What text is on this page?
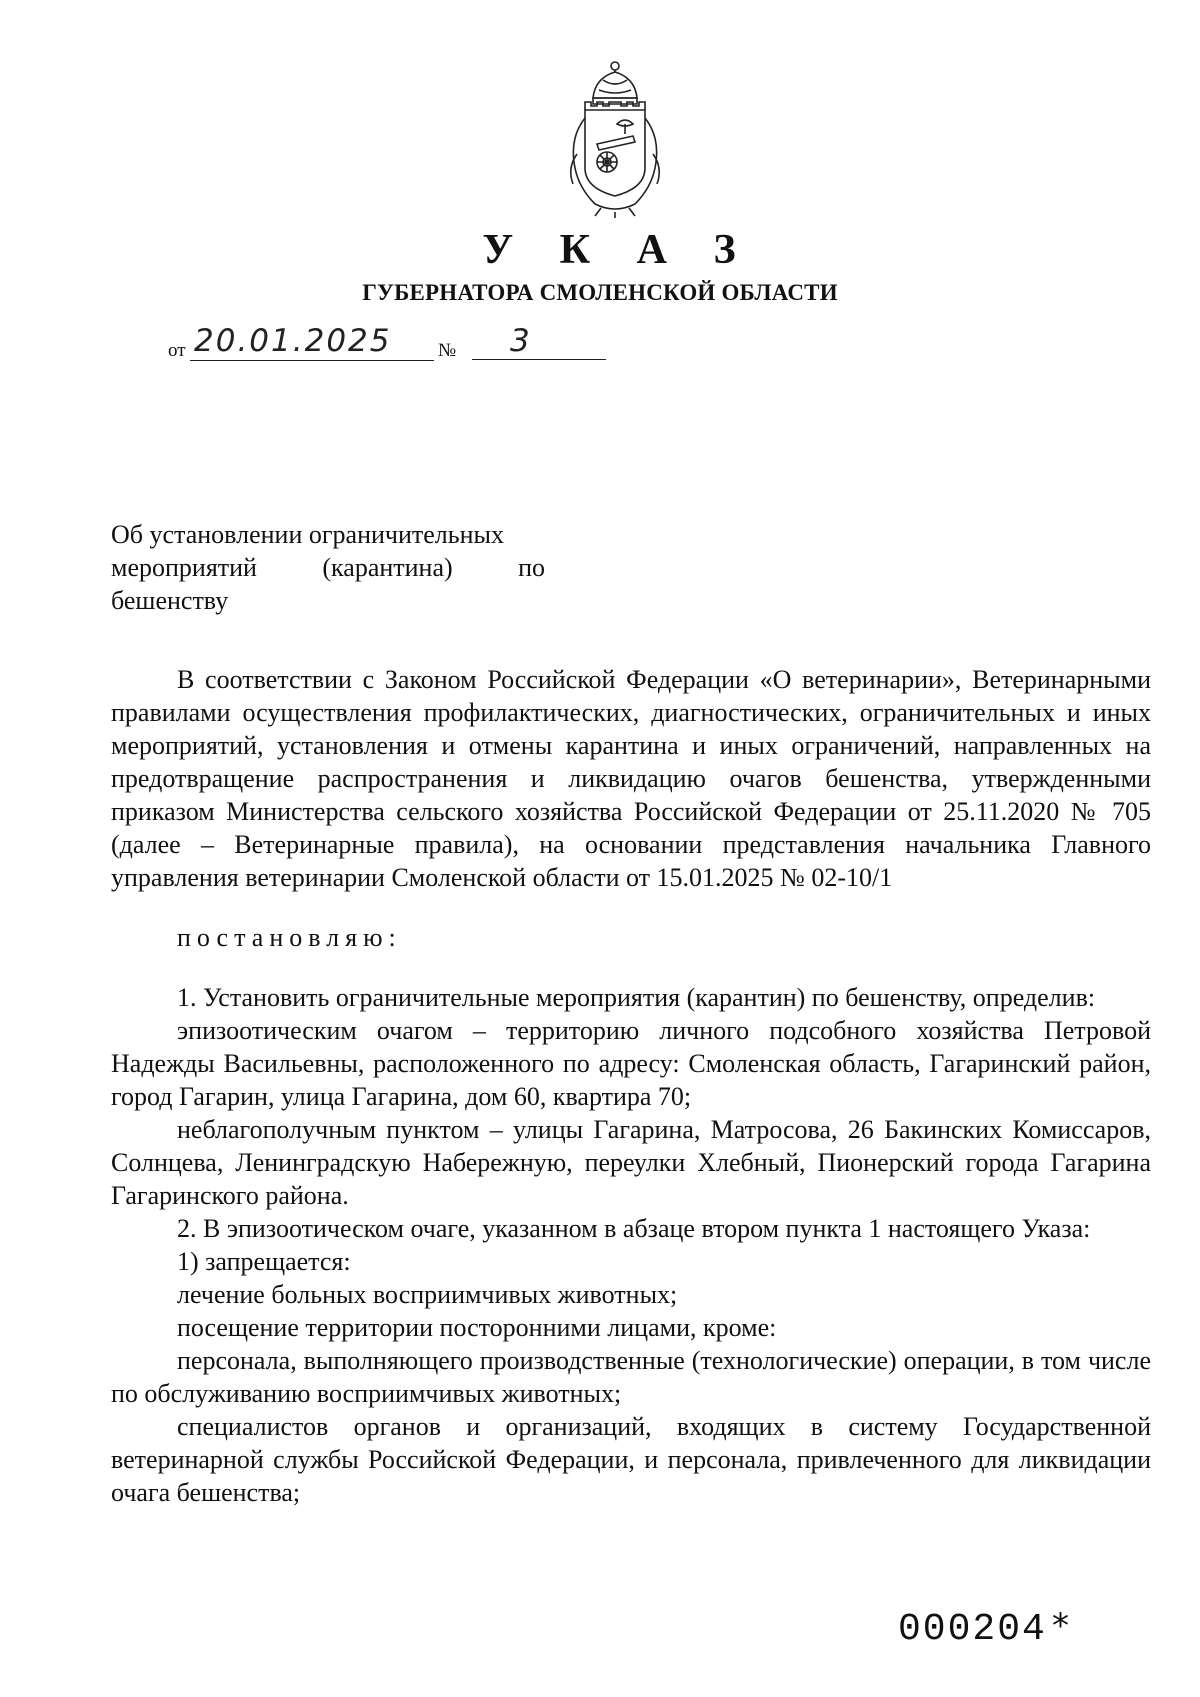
У К А З
ГУБЕРНАТОРА СМОЛЕНСКОЙ ОБЛАСТИ
от 20.01.2025	№	3
Об установлении ограничительных
мероприятий (карантина) по
бешенству
В соответствии с Законом Российской Федерации «О ветеринарии», Ветеринарными правилами осуществления профилактических, диагностических, ограничительных и иных мероприятий, установления и отмены карантина и иных ограничений, направленных на предотвращение распространения и ликвидацию очагов бешенства, утвержденными приказом Министерства сельского хозяйства Российской Федерации от 25.11.2020 № 705 (далее – Ветеринарные правила), на основании представления начальника Главного управления ветеринарии Смоленской области от 15.01.2025 № 02-10/1
постановляю:
1. Установить ограничительные мероприятия (карантин) по бешенству, определив:
эпизоотическим очагом – территорию личного подсобного хозяйства Петровой Надежды Васильевны, расположенного по адресу: Смоленская область, Гагаринский район, город Гагарин, улица Гагарина, дом 60, квартира 70;
неблагополучным пунктом – улицы Гагарина, Матросова, 26 Бакинских Комиссаров, Солнцева, Ленинградскую Набережную, переулки Хлебный, Пионерский города Гагарина Гагаринского района.
2. В эпизоотическом очаге, указанном в абзаце втором пункта 1 настоящего Указа:
1) запрещается:
лечение больных восприимчивых животных;
посещение территории посторонними лицами, кроме:
персонала, выполняющего производственные (технологические) операции, в том числе по обслуживанию восприимчивых животных;
специалистов органов и организаций, входящих в систему Государственной ветеринарной службы Российской Федерации, и персонала, привлеченного для ликвидации очага бешенства;
000204 *
